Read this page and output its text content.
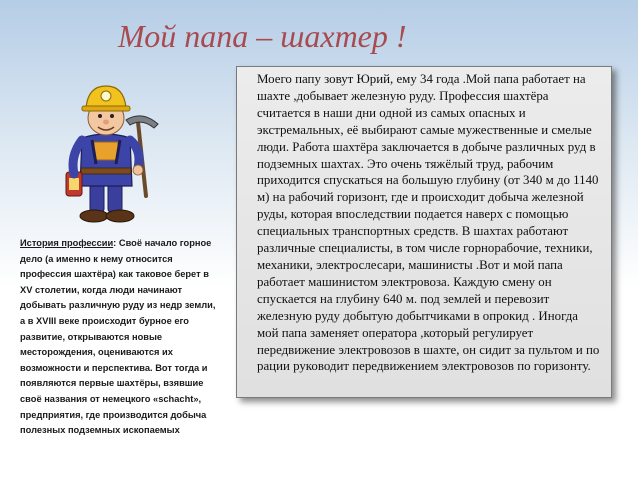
Мой папа – шахтер !
История профессии: Своё начало горное дело (а именно к нему относится профессия шахтёра) как таковое берет в XV столетии, когда люди начинают добывать различную руду из недр земли, а в XVIII веке происходит бурное его развитие, открываются новые месторождения, оцениваются их возможности и перспектива. Вот тогда и появляются первые шахтёры, взявшие своё названия от немецкого «schacht», предприятия, где производится добыча полезных подземных ископаемых
Моего папу зовут Юрий, ему 34 года .Мой папа работает на шахте ,добывает железную руду. Профессия шахтёра считается в наши дни одной из самых опасных и экстремальных, её выбирают самые мужественные и смелые люди. Работа шахтёра заключается в добыче различных руд в подземных шахтах. Это очень тяжёлый труд, рабочим приходится спускаться на большую глубину (от 340 м до 1140 м) на рабочий горизонт, где и происходит добыча железной руды, которая впоследствии подается наверх с помощью специальных транспортных средств. В шахтах работают различные специалисты, в том числе горнорабочие, техники, механики, электрослесари, машинисты .Вот и мой папа работает машинистом электровоза. Каждую смену он спускается на глубину 640 м. под землей и перевозит железную руду добытую добытчиками в опрокид . Иногда мой папа заменяет оператора ,который регулирует передвижение электровозов в шахте, он сидит за пультом и по рации руководит передвижением электровозов по горизонту.
